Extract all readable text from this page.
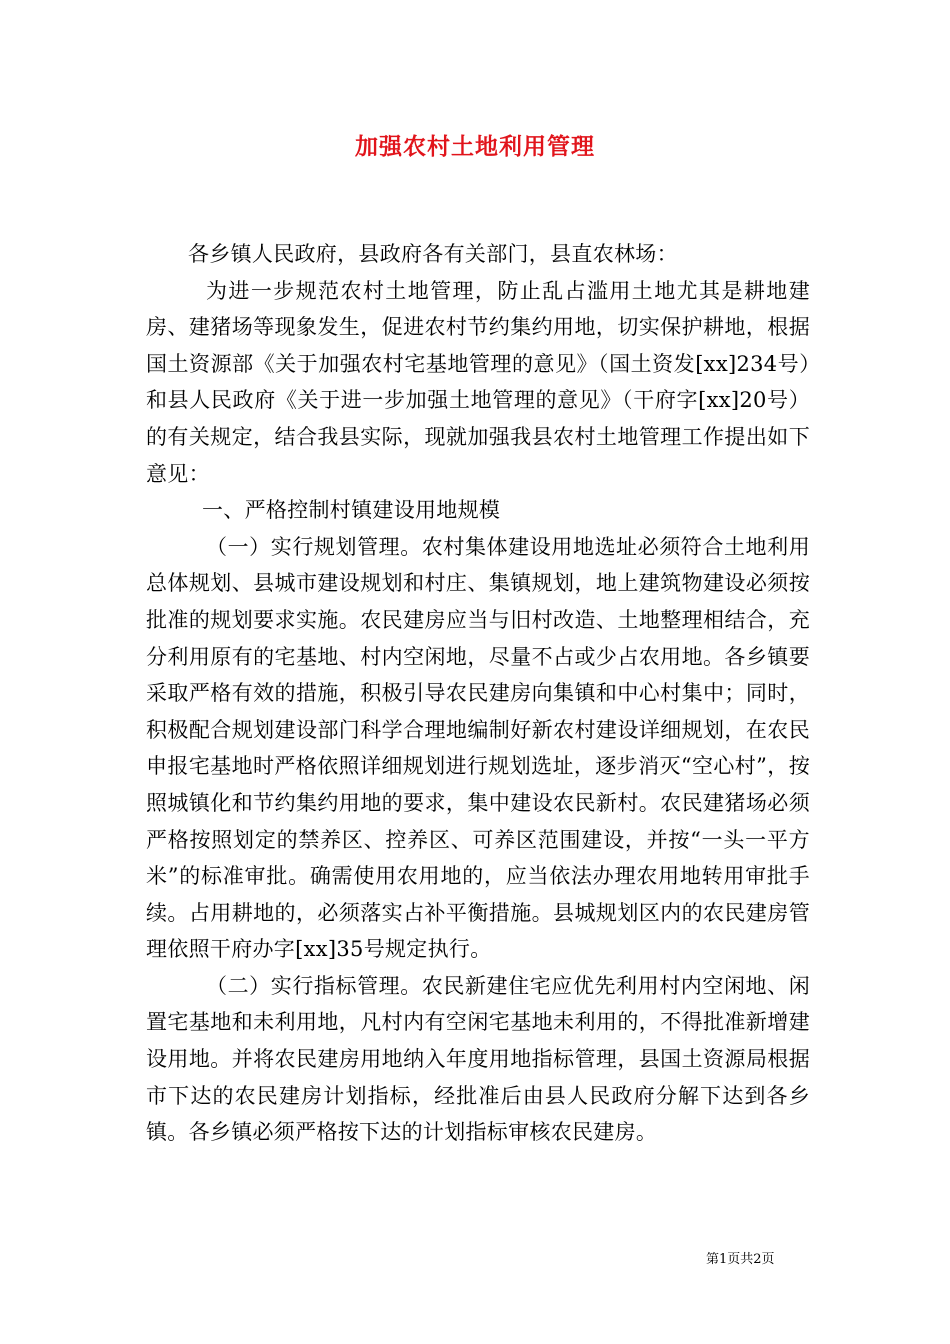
加强农村土地利用管理

各乡镇人民政府，县政府各有关部门，县直农林场：

为进一步规范农村土地管理，防止乱占滥用土地尤其是耕地建房、建猪场等现象发生，促进农村节约集约用地，切实保护耕地，根据国土资源部《关于加强农村宅基地管理的意见》（国土资发[xx]234号）和县人民政府《关于进一步加强土地管理的意见》（干府字[xx]20号）的有关规定，结合我县实际，现就加强我县农村土地管理工作提出如下意见：

一、严格控制村镇建设用地规模

（一）实行规划管理。农村集体建设用地选址必须符合土地利用总体规划、县城市建设规划和村庄、集镇规划，地上建筑物建设必须按批准的规划要求实施。农民建房应当与旧村改造、土地整理相结合，充分利用原有的宅基地、村内空闲地，尽量不占或少占农用地。各乡镇要采取严格有效的措施，积极引导农民建房向集镇和中心村集中；同时，积极配合规划建设部门科学合理地编制好新农村建设详细规划，在农民申报宅基地时严格依照详细规划进行规划选址，逐步消灭“空心村”，按照城镇化和节约集约用地的要求，集中建设农民新村。农民建猪场必须严格按照划定的禁养区、控养区、可养区范围建设，并按“一头一平方米”的标准审批。确需使用农用地的，应当依法办理农用地转用审批手续。占用耕地的，必须落实占补平衡措施。县城规划区内的农民建房管理依照干府办字[xx]35号规定执行。

（二）实行指标管理。农民新建住宅应优先利用村内空闲地、闲置宅基地和未利用地，凡村内有空闲宅基地未利用的，不得批准新增建设用地。并将农民建房用地纳入年度用地指标管理，县国土资源局根据市下达的农民建房计划指标，经批准后由县人民政府分解下达到各乡镇。各乡镇必须严格按下达的计划指标审核农民建房。

第1页共2页
